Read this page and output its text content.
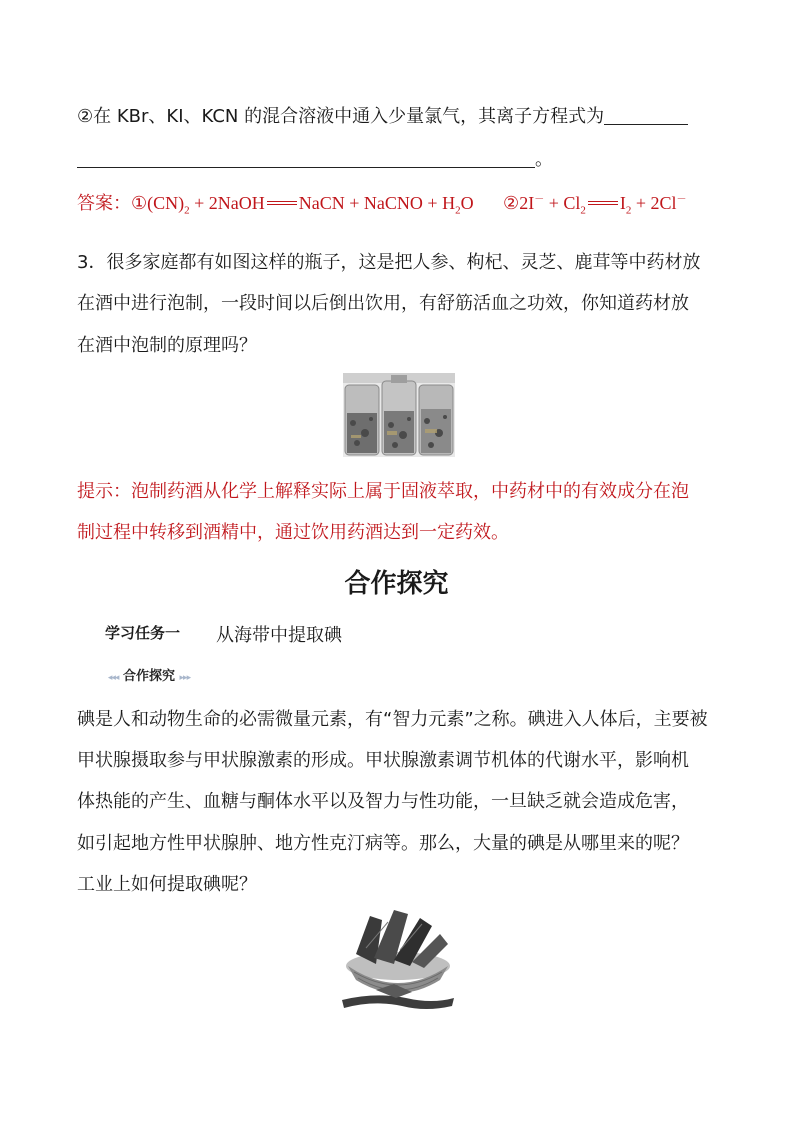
②在 KBr、KI、KCN 的混合溶液中通入少量氯气，其离子方程式为
。
答案：$①(CN)_2$ + 2NaOH NaCN + NaCNO + $H_2O$ ②2I－ + $Cl_2$ $I_2 + 2Cl^-$
3．很多家庭都有如图这样的瓶子，这是把人参、枸杞、灵芝、鹿茸等中药材放
在酒中进行泡制，一段时间以后倒出饮用，有舒筋活血之功效，你知道药材放
在酒中泡制的原理吗？
提示：泡制药酒从化学上解释实际上属于固液萃取，中药材中的有效成分在泡
制过程中转移到酒精中，通过饮用药酒达到一定药效。
合作探究
学习任务一 从海带中提取碘
◂◂◂ 合作探究 ▸▸▸
碘是人和动物生命的必需微量元素，有“智力元素”之称。碘进入人体后，主要被
甲状腺摄取参与甲状腺激素的形成。甲状腺激素调节机体的代谢水平，影响机
体热能的产生、血糖与酮体水平以及智力与性功能，一旦缺乏就会造成危害，
如引起地方性甲状腺肿、地方性克汀病等。那么，大量的碘是从哪里来的呢？
工业上如何提取碘呢？
